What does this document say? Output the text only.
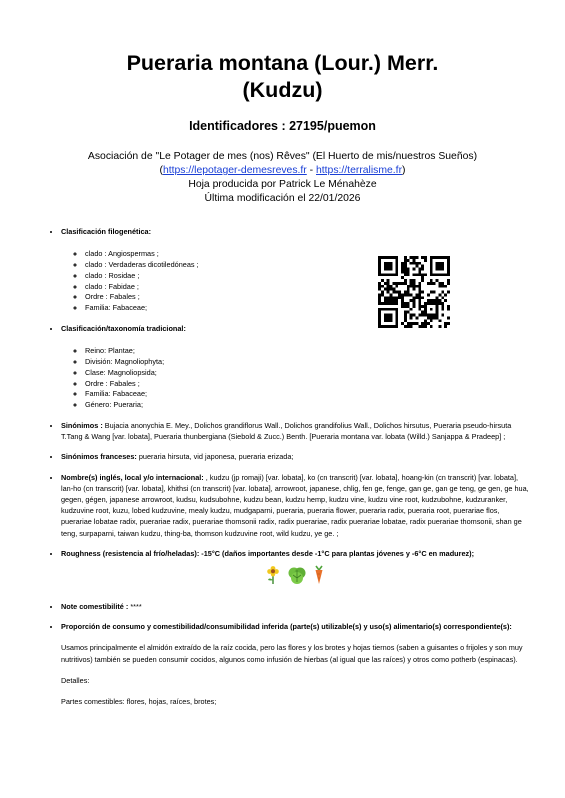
Pueraria montana (Lour.) Merr.
(Kudzu)
Identificadores : 27195/puemon
Asociación de "Le Potager de mes (nos) Rêves" (El Huerto de mis/nuestros Sueños)
(https://lepotager-demesreves.fr - https://terralisme.fr)
Hoja producida por Patrick Le Ménahèze
Última modificación el 22/01/2026
• Clasificación filogenética:
◦ clado : Angiospermas ;
◦ clado : Verdaderas dicotiledóneas ;
◦ clado : Rosidae ;
◦ clado : Fabidae ;
◦ Ordre : Fabales ;
◦ Familia: Fabaceae;
• Clasificación/taxonomía tradicional:
◦ Reino: Plantae;
◦ División: Magnoliophyta;
◦ Clase: Magnoliopsida;
◦ Ordre : Fabales ;
◦ Familia: Fabaceae;
◦ Género: Pueraria;
• Sinónimos : Bujacia anonychia E. Mey., Dolichos grandiflorus Wall., Dolichos grandifolius Wall., Dolichos hirsutus, Pueraria pseudo-hirsuta T.Tang & Wang [var. lobata], Pueraria thunbergiana (Siebold & Zucc.) Benth. [Pueraria montana var. lobata (Willd.) Sanjappa & Pradeep] ;
• Sinónimos franceses: pueraria hirsuta, vid japonesa, pueraria erizada;
• Nombre(s) inglés, local y/o internacional: , kudzu (jp romaji) [var. lobata], ko (cn transcrit) [var. lobata], hoang-kin (cn transcrit) [var. lobata], lan-ho (cn transcrit) [var. lobata], khithsi (cn transcrit) [var. lobata], arrowroot, japanese, chlig, fen ge, fenge, gan ge, gan ge teng, ge gen, ge hua, gegen, gégen, japanese arrowroot, kudsu, kudsubohne, kudzu bean, kudzu hemp, kudzu vine, kudzu vine root, kudzubohne, kudzuranker, kudzuvine root, kuzu, lobed kudzuvine, mealy kudzu, mudgaparni, pueraria, pueraria flower, pueraria radix, pueraria root, puerariae flos, puerariae lobatae radix, puerariae radix, puerariae thomsonii radix, radix puerariae, radix puerariae lobatae, radix puerariae thomsonii, shan ge teng, surpaparni, taiwan kudzu, thing-ba, thomson kudzuvine root, wild kudzu, ye ge. ;
• Roughness (resistencia al frío/heladas): -15°C (daños importantes desde -1°C para plantas jóvenes y -6°C en madurez);

• Note comestibilité : ****
• Proporción de consumo y comestibilidad/consumibilidad inferida (parte(s) utilizable(s) y uso(s) alimentario(s) correspondiente(s):

Usamos principalmente el almidón extraído de la raíz cocida, pero las flores y los brotes y hojas tiernos (saben a guisantes o frijoles y son muy nutritivos) también se pueden consumir cocidos, algunos como infusión de hierbas (al igual que las raíces) y otros como potherb (espinacas).

Detalles:

Partes comestibles: flores, hojas, raíces, brotes;
